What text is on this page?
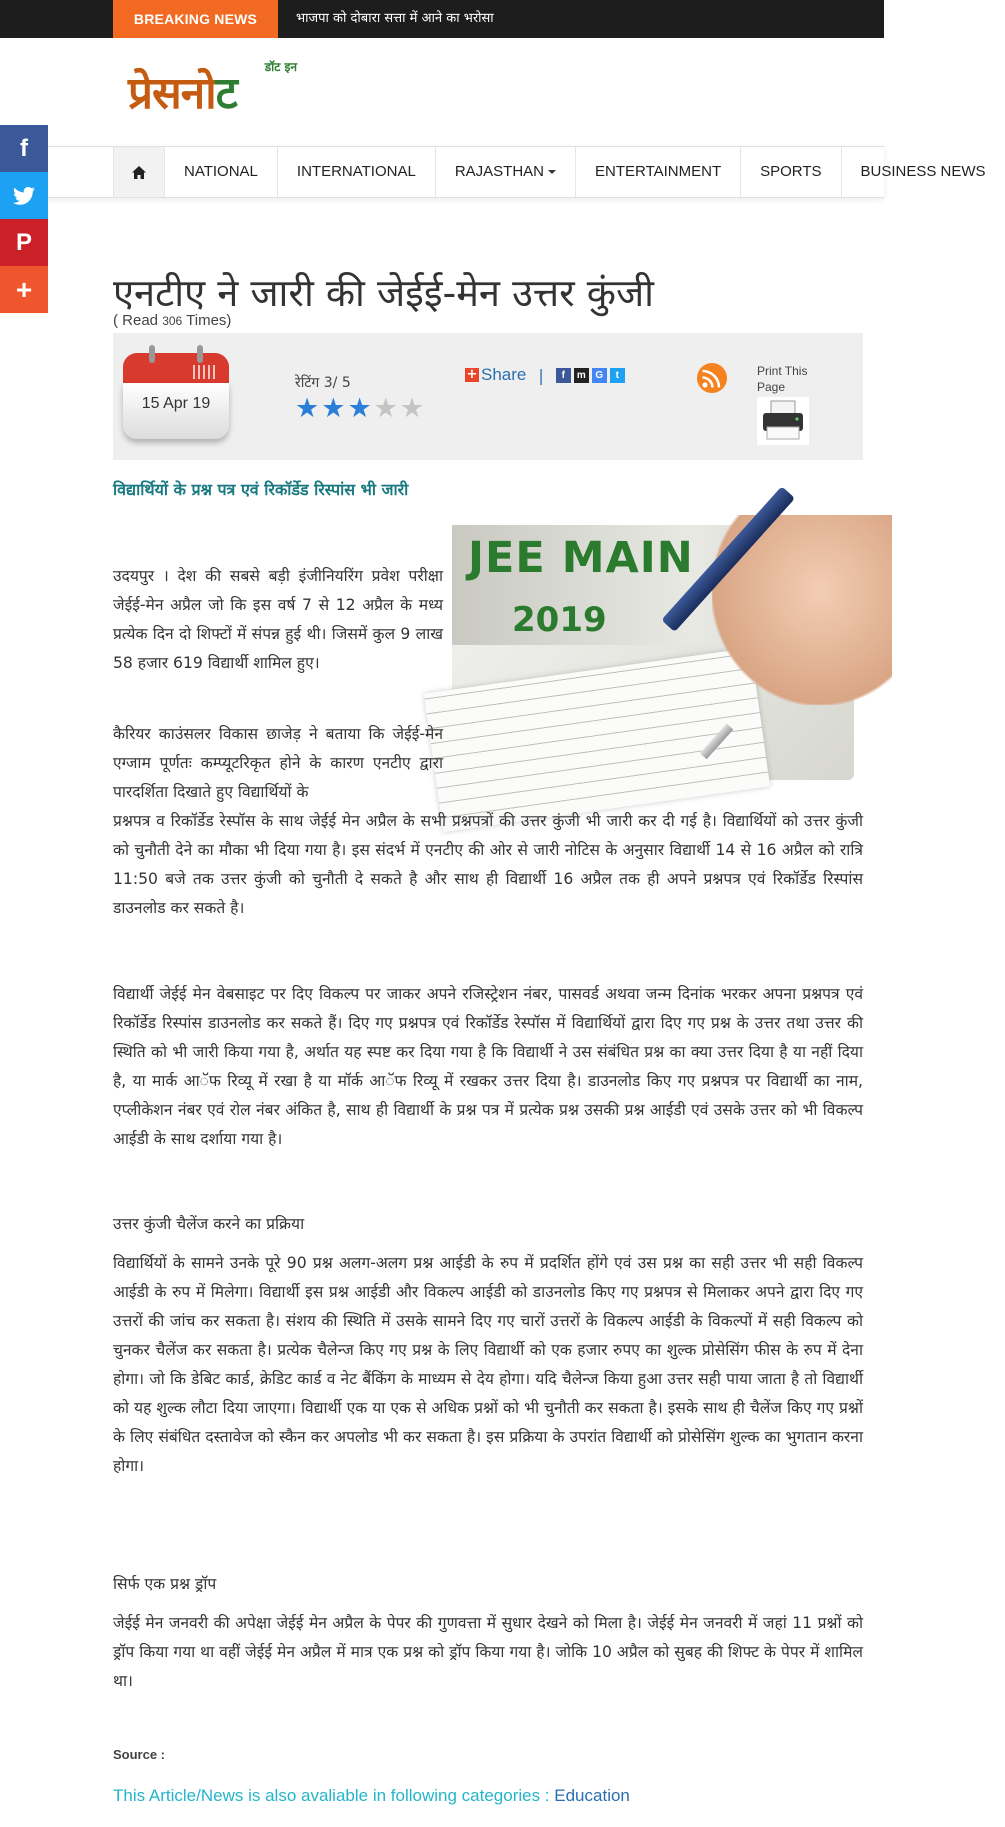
BREAKING NEWS	भाजपा को दोबारा सत्ता में आने का भरोसा
डॉट इन
प्रेसनोट
NATIONAL	INTERNATIONAL	RAJASTHAN	ENTERTAINMENT	SPORTS	BUSINESS NEWS
f
P
+ एनटीए ने जारी की जेईई-मेन उत्तर कुंजी
( Read 306 Times)
15 Apr 19
रेटिंग 3/ 5
★ ★ ★ ★ ★
+ Share |	f	m G	t	Print This Page
विद्यार्थियों के प्रश्न पत्र एवं रिकॉर्डेड रिस्पांस भी जारी
JEE MAIN
2019

उदयपुर । देश की सबसे बड़ी इंजीनियरिंग प्रवेश परीक्षा जेईई-मेन अप्रैल जो कि इस वर्ष 7 से 12 अप्रैल के मध्य प्रत्येक दिन दो शिफ्टों में संपन्न हुई थी। जिसमें कुल 9 लाख 58 हजार 619 विद्यार्थी शामिल हुए।

कैरियर काउंसलर विकास छाजेड़ ने बताया कि जेईई-मेन एग्जाम पूर्णतः कम्प्यूटरिकृत होने के कारण एनटीए द्वारा पारदर्शिता दिखाते हुए विद्यार्थियों के

प्रश्नपत्र व रिकॉर्डेड रेस्पॉस के साथ जेईई मेन अप्रैल के सभी प्रश्नपत्रों की उत्तर कुंजी भी जारी कर दी गई है। विद्यार्थियों को उत्तर कुंजी को चुनौती देने का मौका भी दिया गया है। इस संदर्भ में एनटीए की ओर से जारी नोटिस के अनुसार विद्यार्थी 14 से 16 अप्रैल को रात्रि 11:50 बजे तक उत्तर कुंजी को चुनौती दे सकते है और साथ ही विद्यार्थी 16 अप्रैल तक ही अपने प्रश्नपत्र एवं रिकॉर्डेड रिस्पांस डाउनलोड कर सकते है।

विद्यार्थी जेईई मेन वेबसाइट पर दिए विकल्प पर जाकर अपने रजिस्ट्रेशन नंबर, पासवर्ड अथवा जन्म दिनांक भरकर अपना प्रश्नपत्र एवं रिकॉर्डेड रिस्पांस डाउनलोड कर सकते हैं। दिए गए प्रश्नपत्र एवं रिकॉर्डेड रेस्पॉस में विद्यार्थियों द्वारा दिए गए प्रश्न के उत्तर तथा उत्तर की स्थिति को भी जारी किया गया है, अर्थात यह स्पष्ट कर दिया गया है कि विद्यार्थी ने उस संबंधित प्रश्न का क्या उत्तर दिया है या नहीं दिया है, या मार्क आॅफ रिव्यू में रखा है या मॉर्क आॅफ रिव्यू में रखकर उत्तर दिया है। डाउनलोड किए गए प्रश्नपत्र पर विद्यार्थी का नाम, एप्लीकेशन नंबर एवं रोल नंबर अंकित है, साथ ही विद्यार्थी के प्रश्न पत्र में प्रत्येक प्रश्न उसकी प्रश्न आईडी एवं उसके उत्तर को भी विकल्प आईडी के साथ दर्शाया गया है।

उत्तर कुंजी चैलेंज करने का प्रक्रिया

विद्यार्थियों के सामने उनके पूरे 90 प्रश्न अलग-अलग प्रश्न आईडी के रुप में प्रदर्शित होंगे एवं उस प्रश्न का सही उत्तर भी सही विकल्प आईडी के रुप में मिलेगा। विद्यार्थी इस प्रश्न आईडी और विकल्प आईडी को डाउनलोड किए गए प्रश्नपत्र से मिलाकर अपने द्वारा दिए गए उत्तरों की जांच कर सकता है। संशय की स्थिति में उसके सामने दिए गए चारों उत्तरों के विकल्प आईडी के विकल्पों में सही विकल्प को चुनकर चैलेंज कर सकता है। प्रत्येक चैलेन्ज किए गए प्रश्न के लिए विद्यार्थी को एक हजार रुपए का शुल्क प्रोसेसिंग फीस के रुप में देना होगा। जो कि डेबिट कार्ड, क्रेडिट कार्ड व नेट बैंकिंग के माध्यम से देय होगा। यदि चैलेन्ज किया हुआ उत्तर सही पाया जाता है तो विद्यार्थी को यह शुल्क लौटा दिया जाएगा। विद्यार्थी एक या एक से अधिक प्रश्नों को भी चुनौती कर सकता है। इसके साथ ही चैलेंज किए गए प्रश्नों के लिए संबंधित दस्तावेज को स्कैन कर अपलोड भी कर सकता है। इस प्रक्रिया के उपरांत विद्यार्थी को प्रोसेसिंग शुल्क का भुगतान करना होगा।

सिर्फ एक प्रश्न ड्रॉप

जेईई मेन जनवरी की अपेक्षा जेईई मेन अप्रैल के पेपर की गुणवत्ता में सुधार देखने को मिला है। जेईई मेन जनवरी में जहां 11 प्रश्नों को ड्रॉप किया गया था वहीं जेईई मेन अप्रैल में मात्र एक प्रश्न को ड्रॉप किया गया है। जोकि 10 अप्रैल को सुबह की शिफ्ट के पेपर में शामिल था।

Source :
This Article/News is also avaliable in following categories : Education
